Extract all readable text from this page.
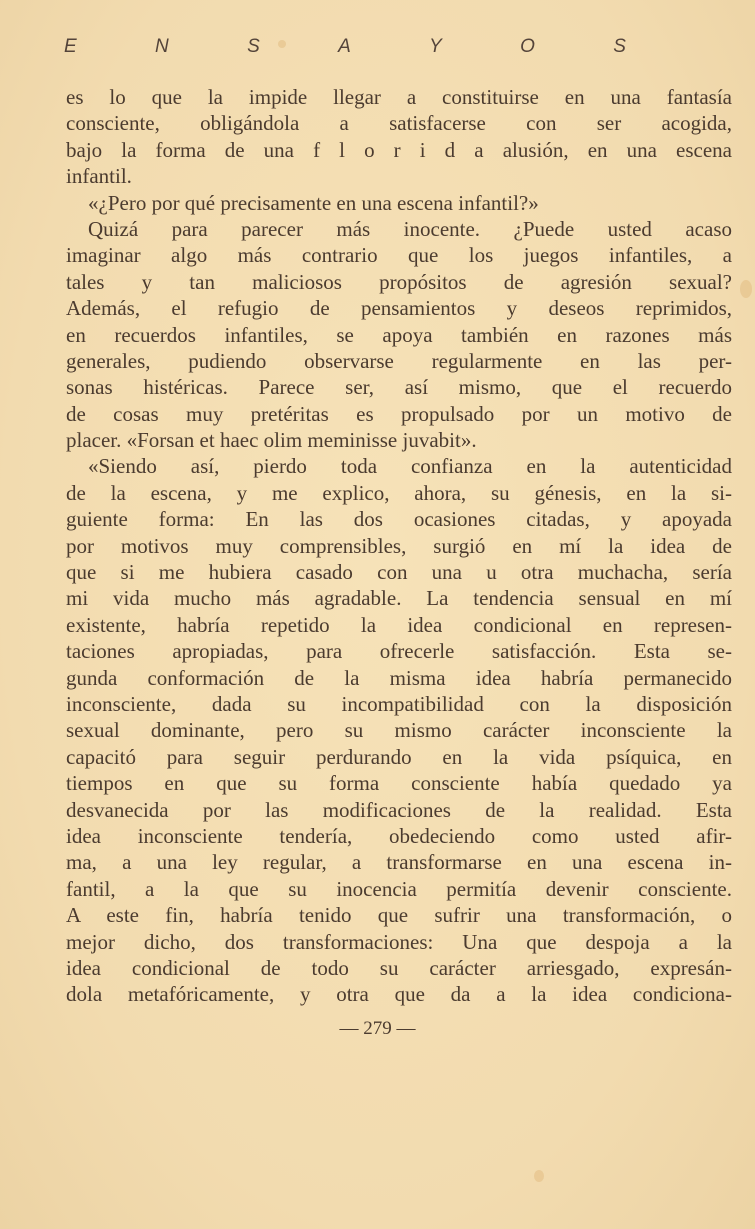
E	N	S	A	Y	O	S
es lo que la impide llegar a constituirse en una fantasía
consciente, obligándola a satisfacerse con ser acogida,
bajo la forma de una f l o r i d a alusión, en una escena
infantil.
«¿Pero por qué precisamente en una escena infantil?»
Quizá para parecer más inocente. ¿Puede usted acaso
imaginar algo más contrario que los juegos infantiles, a
tales y tan maliciosos propósitos de agresión sexual?
Además, el refugio de pensamientos y deseos reprimidos,
en recuerdos infantiles, se apoya también en razones más
generales, pudiendo observarse regularmente en las per-
sonas histéricas. Parece ser, así mismo, que el recuerdo
de cosas muy pretéritas es propulsado por un motivo de
placer. «Forsan et haec olim meminisse juvabit».
«Siendo así, pierdo toda confianza en la autenticidad
de la escena, y me explico, ahora, su génesis, en la si-
guiente forma: En las dos ocasiones citadas, y apoyada
por motivos muy comprensibles, surgió en mí la idea de
que si me hubiera casado con una u otra muchacha, sería
mi vida mucho más agradable. La tendencia sensual en mí
existente, habría repetido la idea condicional en represen-
taciones apropiadas, para ofrecerle satisfacción. Esta se-
gunda conformación de la misma idea habría permanecido
inconsciente, dada su incompatibilidad con la disposición
sexual dominante, pero su mismo carácter inconsciente la
capacitó para seguir perdurando en la vida psíquica, en
tiempos en que su forma consciente había quedado ya
desvanecida por las modificaciones de la realidad. Esta
idea inconsciente tendería, obedeciendo como usted afir-
ma, a una ley regular, a transformarse en una escena in-
fantil, a la que su inocencia permitía devenir consciente.
A este fin, habría tenido que sufrir una transformación, o
mejor dicho, dos transformaciones: Una que despoja a la
idea condicional de todo su carácter arriesgado, expresán-
dola metafóricamente, y otra que da a la idea condiciona-
— 279 —
